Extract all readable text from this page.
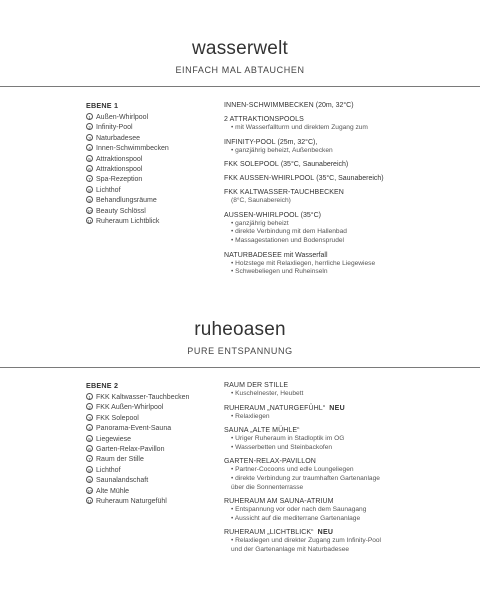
wasserwelt
EINFACH MAL ABTAUCHEN
EBENE 1
1 Außen-Whirlpool
2 Infinity-Pool
3 Naturbadesee
4 Innen-Schwimmbecken
5 Attraktionspool
6 Attraktionspool
7 Spa-Rezeption
8 Lichthof
9 Behandlungsräume
10 Beauty Schlössl
11 Ruheraum Lichtblick
INNEN-SCHWIMMBECKEN (20m, 32°C)
2 ATTRAKTIONSPOOLS
• mit Wasserfallturm und direktem Zugang zum
INFINITY-POOL (25m, 32°C),
• ganzjährig beheizt, Außenbecken
FKK SOLEPOOL (35°C, Saunabereich)
FKK AUSSEN-WHIRLPOOL (35°C, Saunabereich)
FKK KALTWASSER-TAUCHBECKEN
(8°C, Saunabereich)
AUSSEN-WHIRLPOOL (35°C)
• ganzjährig beheizt
• direkte Verbindung mit dem Hallenbad
• Massagestationen und Bodensprudel
NATURBADESEE mit Wasserfall
• Holzstege mit Relaxliegen, herrliche Liegewiese
• Schwebeliegen und Ruheinseln
ruheoasen
PURE ENTSPANNUNG
EBENE 2
1 FKK Kaltwasser-Tauchbecken
2 FKK Außen-Whirlpool
3 FKK Solepool
4 Panorama-Event-Sauna
5 Liegewiese
6 Garten-Relax-Pavillon
7 Raum der Stille
8 Lichthof
9 Saunalandschaft
10 Alte Mühle
11 Ruheraum Naturgefühl
RAUM DER STILLE
• Kuschelnester, Heubett
RUHERAUM „NATURGEFÜHL“ NEU
• Relaxliegen
SAUNA „ALTE MÜHLE“
• Uriger Ruheraum in Stadloptik im OG
• Wasserbetten und Steinbackofen
GARTEN-RELAX-PAVILLON
• Partner-Cocoons und edle Loungeliegen
• direkte Verbindung zur traumhaften Gartenanlage
über die Sonnenterrasse
RUHERAUM AM SAUNA-ATRIUM
• Entspannung vor oder nach dem Saunagang
• Aussicht auf die mediterrane Gartenanlage
RUHERAUM „LICHTBLICK“ NEU
• Relaxliegen und direkter Zugang zum Infinity-Pool
und der Gartenanlage mit Naturbadesee
